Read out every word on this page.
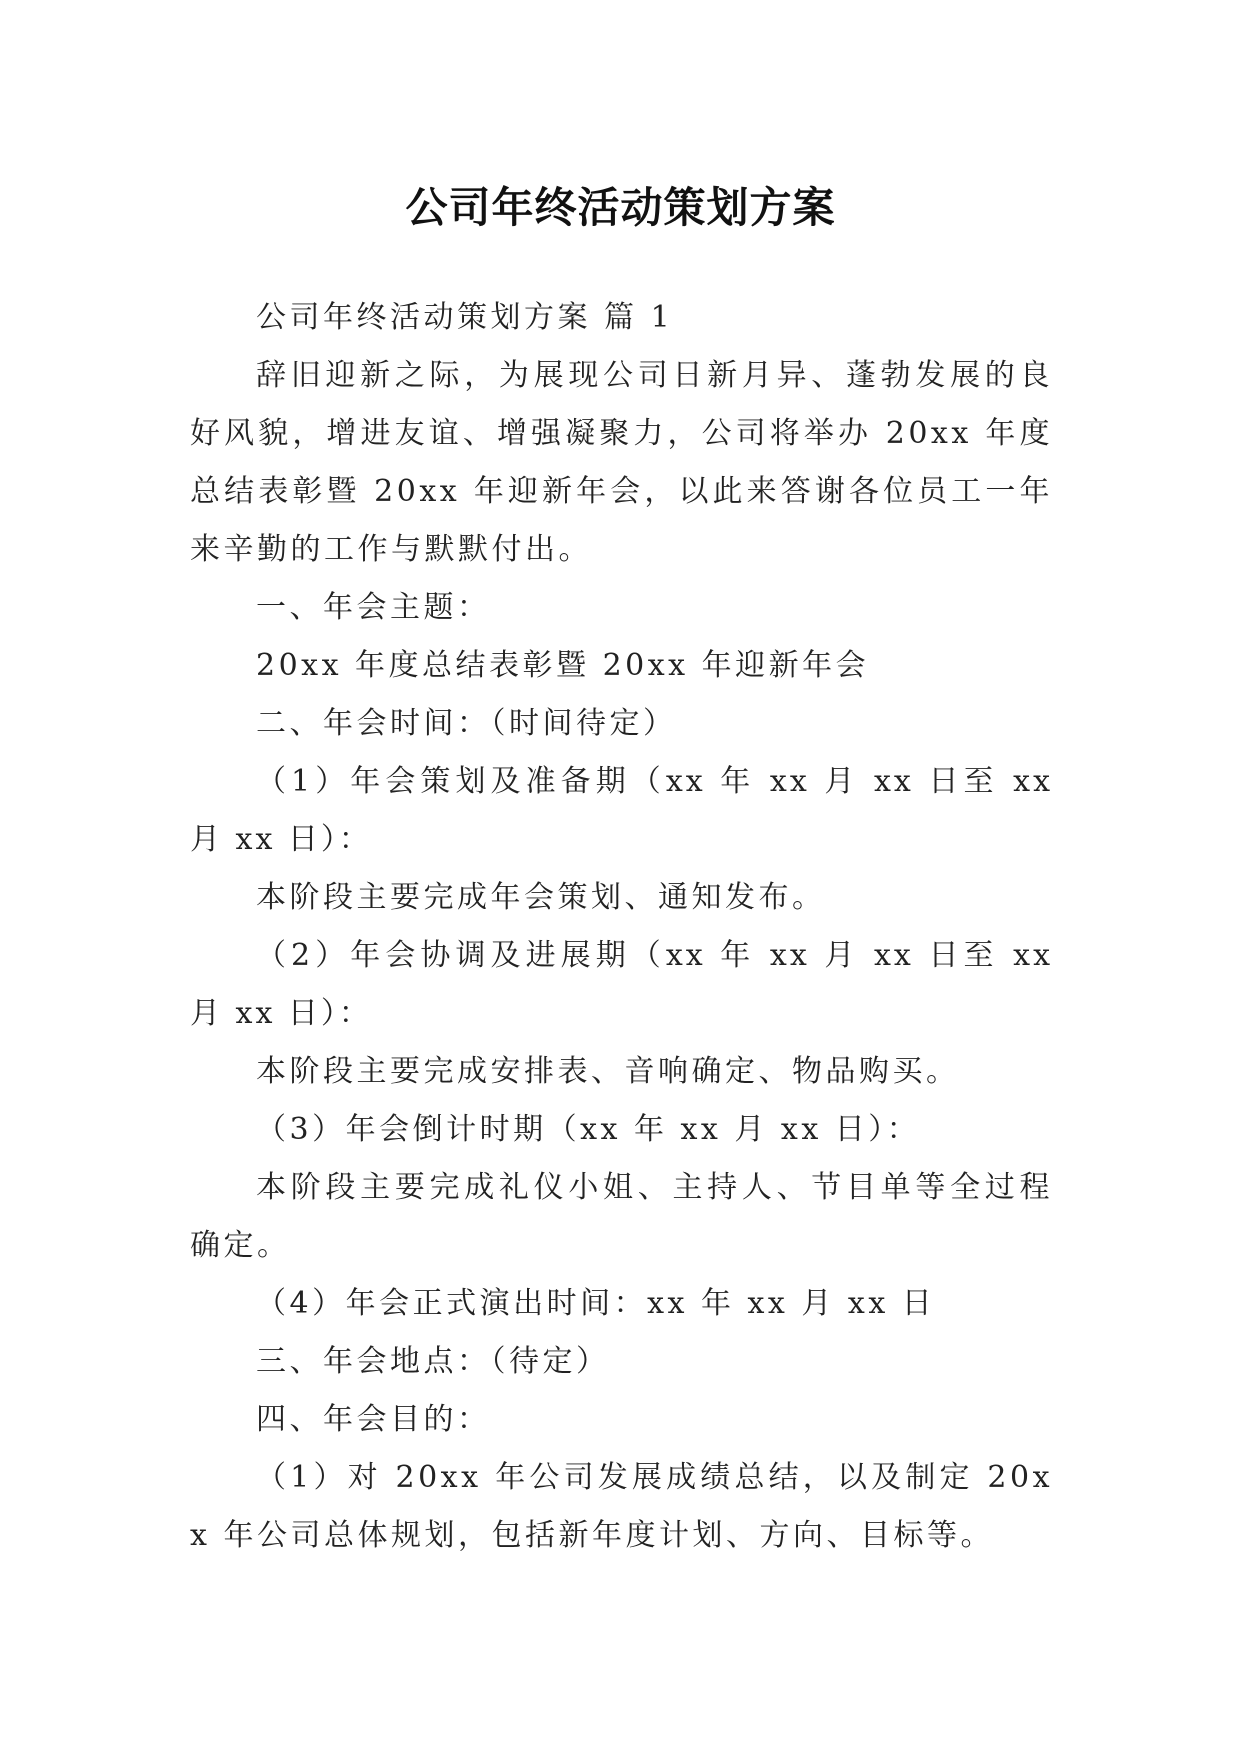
公司年终活动策划方案

公司年终活动策划方案 篇 1

辞旧迎新之际，为展现公司日新月异、蓬勃发展的良好风貌，增进友谊、增强凝聚力，公司将举办 20xx 年度总结表彰暨 20xx 年迎新年会，以此来答谢各位员工一年来辛勤的工作与默默付出。

一、年会主题：

20xx 年度总结表彰暨 20xx 年迎新年会

二、年会时间：（时间待定）

（1）年会策划及准备期（xx 年 xx 月 xx 日至 xx 月 xx 日）：

本阶段主要完成年会策划、通知发布。

（2）年会协调及进展期（xx 年 xx 月 xx 日至 xx 月 xx 日）：

本阶段主要完成安排表、音响确定、物品购买。

（3）年会倒计时期（xx 年 xx 月 xx 日）：

本阶段主要完成礼仪小姐、主持人、节目单等全过程确定。

（4）年会正式演出时间：xx 年 xx 月 xx 日

三、年会地点：（待定）

四、年会目的：

（1）对 20xx 年公司发展成绩总结，以及制定 20xx 年公司总体规划，包括新年度计划、方向、目标等。
